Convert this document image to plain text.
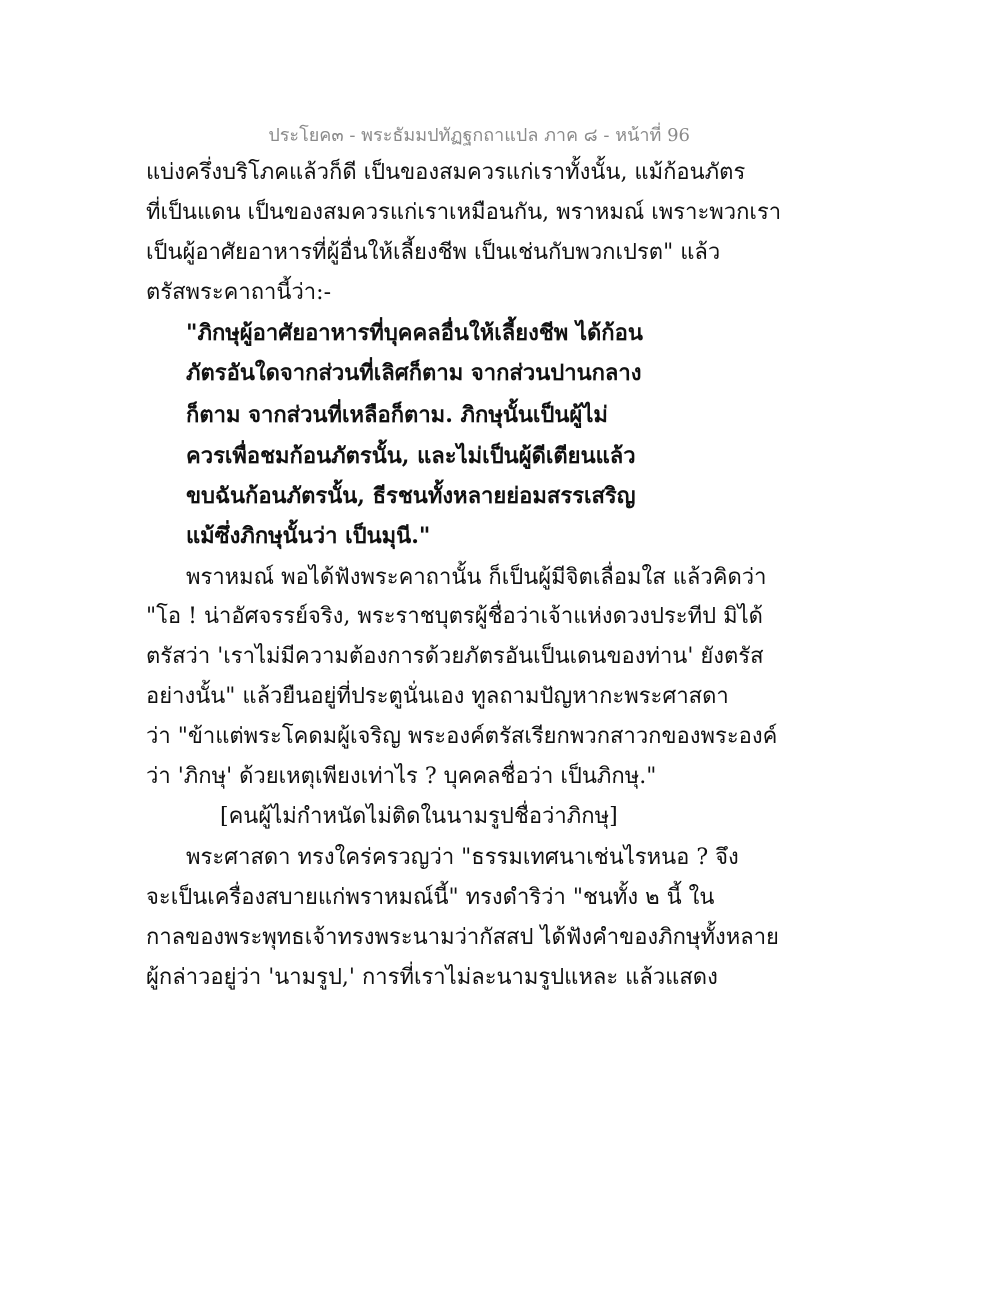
ประโยค๓ - พระธัมมปทัฏฐกถาแปล ภาค ๘ - หน้าที่ 96
แบ่งครึ่งบริโภคแล้วก็ดี เป็นของสมควรแก่เราทั้งนั้น, แม้ก้อนภัตร
ที่เป็นแดน เป็นของสมควรแก่เราเหมือนกัน, พราหมณ์ เพราะพวกเรา
เป็นผู้อาศัยอาหารที่ผู้อื่นให้เลี้ยงชีพ เป็นเช่นกับพวกเปรต" แล้ว
ตรัสพระคาถานี้ว่า:-
"ภิกษุผู้อาศัยอาหารที่บุคคลอื่นให้เลี้ยงชีพ ได้ก้อน
ภัตรอันใดจากส่วนที่เลิศก็ตาม จากส่วนปานกลาง
ก็ตาม จากส่วนที่เหลือก็ตาม. ภิกษุนั้นเป็นผู้ไม่
ควรเพื่อชมก้อนภัตรนั้น, และไม่เป็นผู้ดีเตียนแล้ว
ขบฉันก้อนภัตรนั้น, ธีรชนทั้งหลายย่อมสรรเสริญ
แม้ซึ่งภิกษุนั้นว่า เป็นมุนี."
พราหมณ์ พอได้ฟังพระคาถานั้น ก็เป็นผู้มีจิตเลื่อมใส แล้วคิดว่า
"โอ ! น่าอัศจรรย์จริง, พระราชบุตรผู้ชื่อว่าเจ้าแห่งดวงประทีป มิได้
ตรัสว่า 'เราไม่มีความต้องการด้วยภัตรอันเป็นเดนของท่าน' ยังตรัส
อย่างนั้น" แล้วยืนอยู่ที่ประตูนั่นเอง ทูลถามปัญหากะพระศาสดา
ว่า "ข้าแต่พระโคดมผู้เจริญ พระองค์ตรัสเรียกพวกสาวกของพระองค์
ว่า 'ภิกษุ' ด้วยเหตุเพียงเท่าไร ? บุคคลชื่อว่า เป็นภิกษุ."
[คนผู้ไม่กำหนัดไม่ติดในนามรูปชื่อว่าภิกษุ]
พระศาสดา ทรงใคร่ครวญว่า "ธรรมเทศนาเช่นไรหนอ ? จึง
จะเป็นเครื่องสบายแก่พราหมณ์นี้" ทรงดำริว่า "ชนทั้ง ๒ นี้ ใน
กาลของพระพุทธเจ้าทรงพระนามว่ากัสสป ได้ฟังคำของภิกษุทั้งหลาย
ผู้กล่าวอยู่ว่า 'นามรูป,' การที่เราไม่ละนามรูปแหละ แล้วแสดง
